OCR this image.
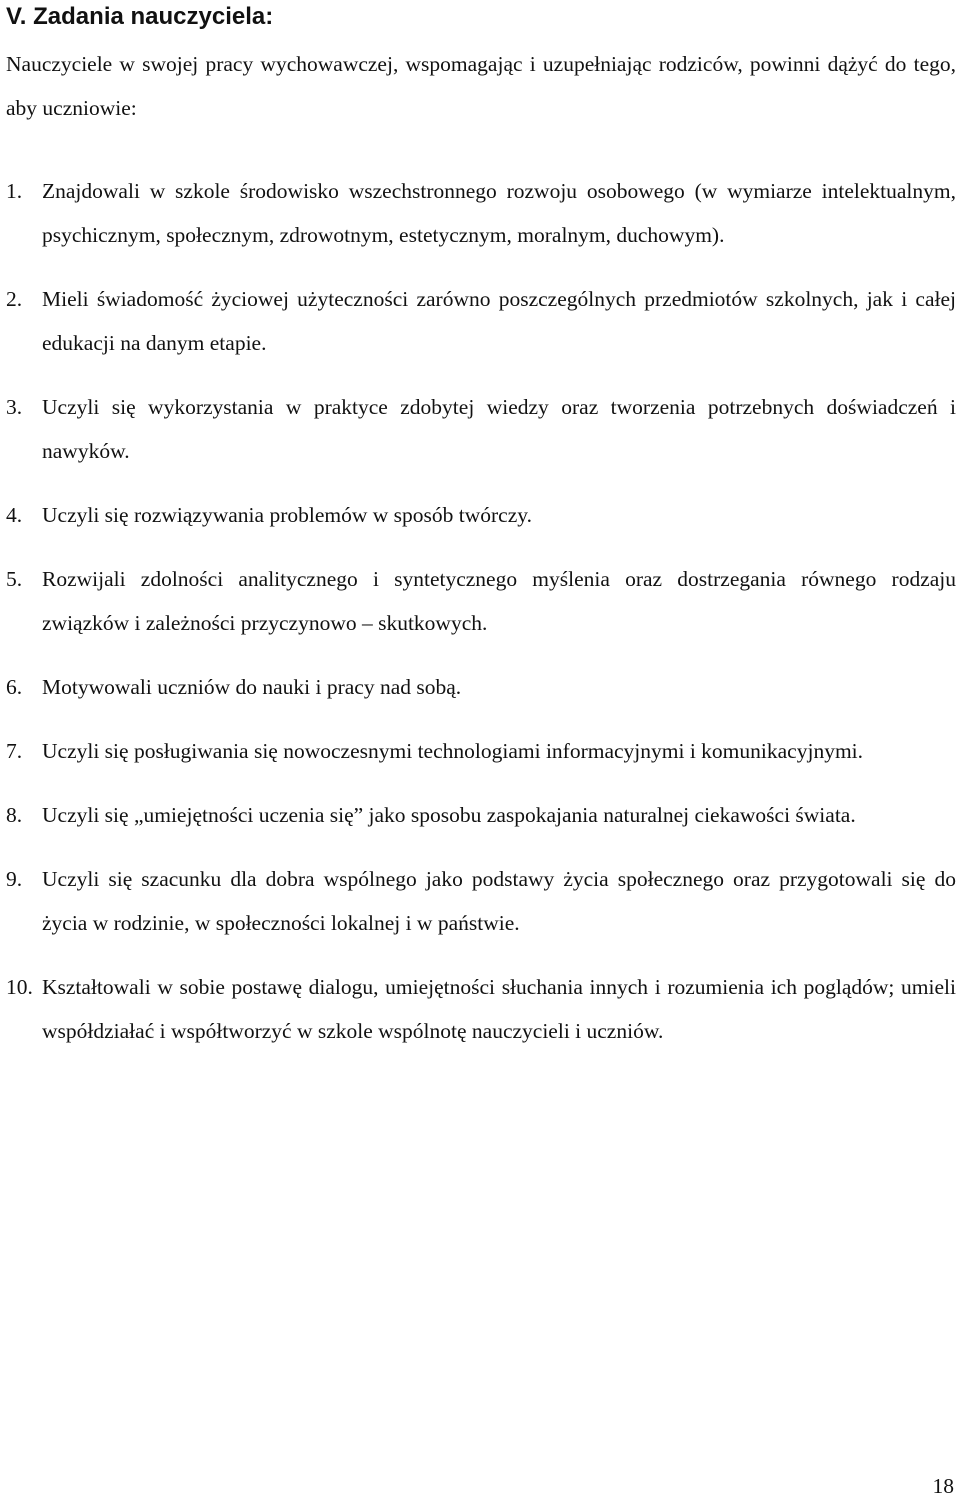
V. Zadania nauczyciela:

Nauczyciele w swojej pracy wychowawczej, wspomagając i uzupełniając rodziców, powinni dążyć do tego, aby uczniowie:

1. Znajdowali w szkole środowisko wszechstronnego rozwoju osobowego (w wymiarze intelektualnym, psychicznym, społecznym, zdrowotnym, estetycznym, moralnym, duchowym).
2. Mieli świadomość życiowej użyteczności zarówno poszczególnych przedmiotów szkolnych, jak i całej edukacji na danym etapie.
3. Uczyli się wykorzystania w praktyce zdobytej wiedzy oraz tworzenia potrzebnych doświadczeń i nawyków.
4. Uczyli się rozwiązywania problemów w sposób twórczy.
5. Rozwijali zdolności analitycznego i syntetycznego myślenia oraz dostrzegania równego rodzaju związków i zależności przyczynowo – skutkowych.
6. Motywowali uczniów do nauki i pracy nad sobą.
7. Uczyli się posługiwania się nowoczesnymi technologiami informacyjnymi i komunikacyjnymi.
8. Uczyli się „umiejętności uczenia się” jako sposobu zaspokajania naturalnej ciekawości świata.
9. Uczyli się szacunku dla dobra wspólnego jako podstawy życia społecznego oraz przygotowali się do życia w rodzinie, w społeczności lokalnej i w państwie.
10. Kształtowali w sobie postawę dialogu, umiejętności słuchania innych i rozumienia ich poglądów; umieli współdziałać i współtworzyć w szkole wspólnotę nauczycieli i uczniów.
18
